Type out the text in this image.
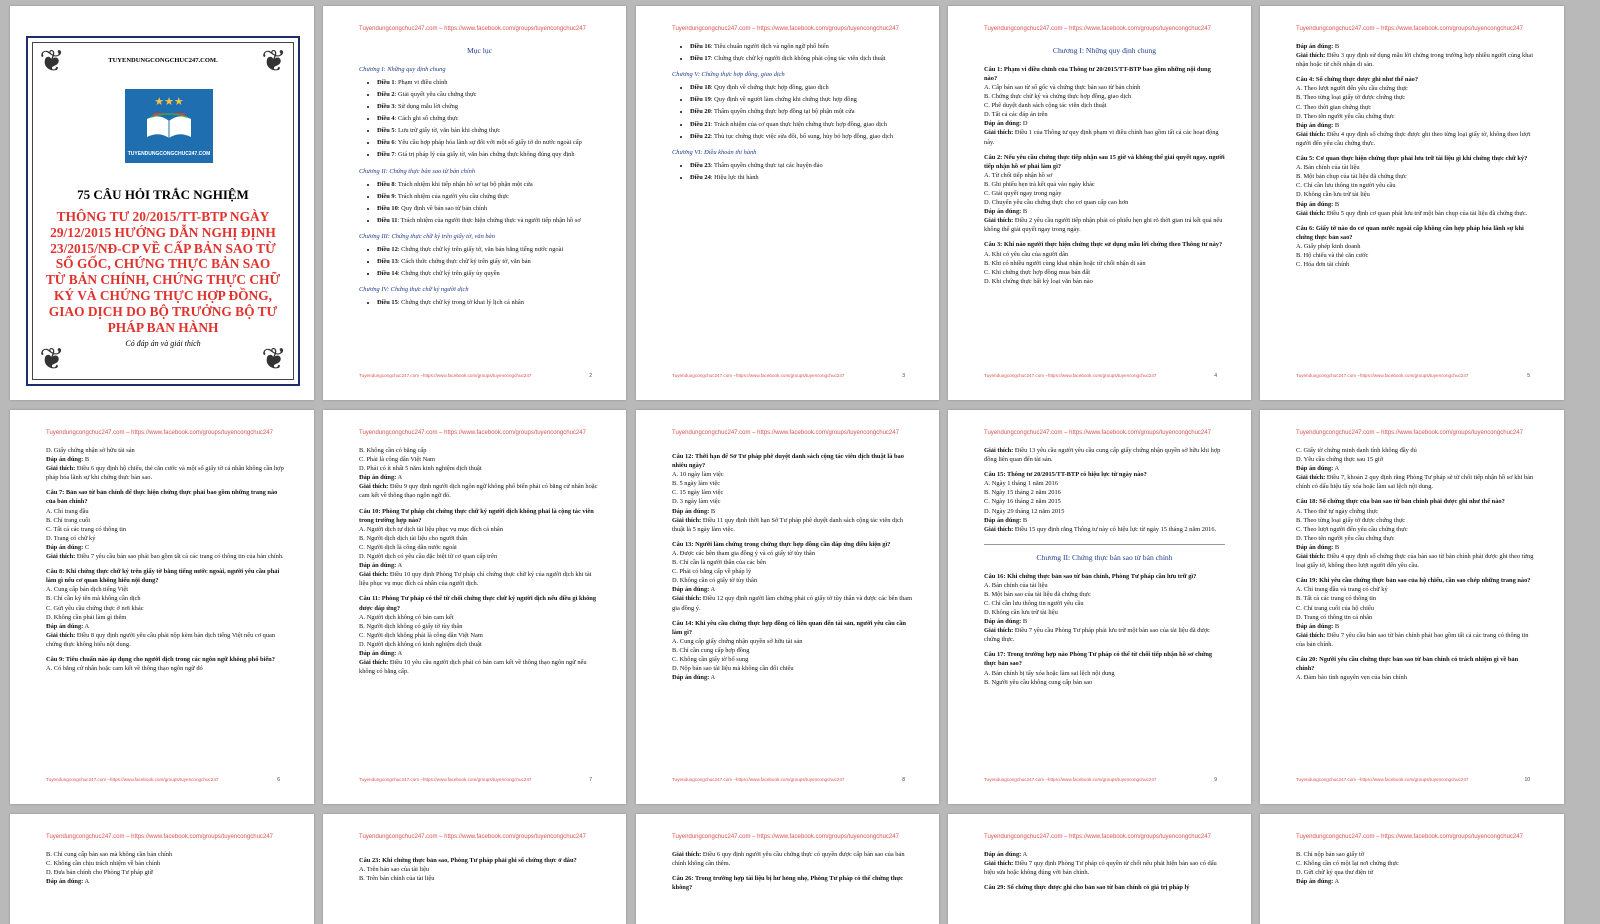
❦	❦
❦	❦
TUYENDUNGCONGCHUC247.COM.
★★★
TUYENDUNGCONGCHUC247.COM
75 CÂU HỎI TRẮC NGHIỆM
THÔNG TƯ 20/2015/TT-BTP NGÀY 29/12/2015 HƯỚNG DẪN NGHỊ ĐỊNH 23/2015/NĐ-CP VỀ CẤP BẢN SAO TỪ SỔ GỐC, CHỨNG THỰC BẢN SAO TỪ BẢN CHÍNH, CHỨNG THỰC CHỮ KÝ VÀ CHỨNG THỰC HỢP ĐỒNG, GIAO DỊCH DO BỘ TRƯỞNG BỘ TƯ PHÁP BAN HÀNH
Có đáp án và giải thích
Tuyendungcongchuc247.com – https://www.facebook.com/groups/tuyencongchuc247
Mục lục
Chương I: Những quy định chung
• Điều 1: Phạm vi điều chỉnh
• Điều 2: Giải quyết yêu cầu chứng thực
• Điều 3: Sử dụng mẫu lời chứng
• Điều 4: Cách ghi số chứng thực
• Điều 5: Lưu trữ giấy tờ, văn bản khi chứng thực
• Điều 6: Yêu cầu hợp pháp hóa lãnh sự đối với một số giấy tờ do nước ngoài cấp
• Điều 7: Giá trị pháp lý của giấy tờ, văn bản chứng thực không đúng quy định
Chương II: Chứng thực bản sao từ bản chính
• Điều 8: Trách nhiệm khi tiếp nhận hồ sơ tại bộ phận một cửa
• Điều 9: Trách nhiệm của người yêu cầu chứng thực
• Điều 10: Quy định về bản sao từ bản chính
• Điều 11: Trách nhiệm của người thực hiện chứng thực và người tiếp nhận hồ sơ
Chương III: Chứng thực chữ ký trên giấy tờ, văn bản
• Điều 12: Chứng thực chữ ký trên giấy tờ, văn bản bằng tiếng nước ngoài
• Điều 13: Cách thức chứng thực chữ ký trên giấy tờ, văn bản
• Điều 14: Chứng thực chữ ký trên giấy ủy quyền
Chương IV: Chứng thực chữ ký người dịch
• Điều 15: Chứng thực chữ ký trong tờ khai lý lịch cá nhân
Tuyendungcongchuc247.com –https://www.facebook.com/groups/tuyencongchuc247	2
Tuyendungcongchuc247.com – https://www.facebook.com/groups/tuyencongchuc247
• Điều 16: Tiêu chuẩn người dịch và ngôn ngữ phổ biến
• Điều 17: Chứng thực chữ ký người dịch không phải cộng tác viên dịch thuật
Chương V: Chứng thực hợp đồng, giao dịch
• Điều 18: Quy định về chứng thực hợp đồng, giao dịch
• Điều 19: Quy định về người làm chứng khi chứng thực hợp đồng
• Điều 20: Thẩm quyền chứng thực hợp đồng tại bộ phận một cửa
• Điều 21: Trách nhiệm của cơ quan thực hiện chứng thực hợp đồng, giao dịch
• Điều 22: Thủ tục chứng thực việc sửa đổi, bổ sung, hủy bỏ hợp đồng, giao dịch
Chương VI: Điều khoản thi hành
• Điều 23: Thẩm quyền chứng thực tại các huyện đảo
• Điều 24: Hiệu lực thi hành
Tuyendungcongchuc247.com –https://www.facebook.com/groups/tuyencongchuc247	3
Tuyendungcongchuc247.com – https://www.facebook.com/groups/tuyencongchuc247
Chương I: Những quy định chung
Câu 1: Phạm vi điều chỉnh của Thông tư 20/2015/TT-BTP bao gồm những nội dung nào?
A. Cấp bản sao từ sổ gốc và chứng thực bản sao từ bản chính
B. Chứng thực chữ ký và chứng thực hợp đồng, giao dịch
C. Phê duyệt danh sách cộng tác viên dịch thuật
D. Tất cả các đáp án trên
Đáp án đúng: D
Giải thích: Điều 1 của Thông tư quy định phạm vi điều chỉnh bao gồm tất cả các hoạt động này.
Câu 2: Nếu yêu cầu chứng thực tiếp nhận sau 15 giờ và không thể giải quyết ngay, người tiếp nhận hồ sơ phải làm gì?
A. Từ chối tiếp nhận hồ sơ
B. Ghi phiếu hẹn trả kết quả vào ngày khác
C. Giải quyết ngay trong ngày
D. Chuyển yêu cầu chứng thực cho cơ quan cấp cao hơn
Đáp án đúng: B
Giải thích: Điều 2 yêu cầu người tiếp nhận phải có phiếu hẹn ghi rõ thời gian trả kết quả nếu không thể giải quyết ngay trong ngày.
Câu 3: Khi nào người thực hiện chứng thực sử dụng mẫu lời chứng theo Thông tư này?
A. Khi có yêu cầu của người dân
B. Khi có nhiều người cùng khai nhận hoặc từ chối nhận di sản
C. Khi chứng thực hợp đồng mua bán đất
D. Khi chứng thực bất kỳ loại văn bản nào
Tuyendungcongchuc247.com –https://www.facebook.com/groups/tuyencongchuc247	4
Tuyendungcongchuc247.com – https://www.facebook.com/groups/tuyencongchuc247
Đáp án đúng: B
Giải thích: Điều 3 quy định sử dụng mẫu lời chứng trong trường hợp nhiều người cùng khai nhận hoặc từ chối nhận di sản.
Câu 4: Số chứng thực được ghi như thế nào?
A. Theo lượt người đến yêu cầu chứng thực
B. Theo từng loại giấy tờ được chứng thực
C. Theo thời gian chứng thực
D. Theo tên người yêu cầu chứng thực
Đáp án đúng: B
Giải thích: Điều 4 quy định số chứng thực được ghi theo từng loại giấy tờ, không theo lượt người đến yêu cầu chứng thực.
Câu 5: Cơ quan thực hiện chứng thực phải lưu trữ tài liệu gì khi chứng thực chữ ký?
A. Bản chính của tài liệu
B. Một bản chụp của tài liệu đã chứng thực
C. Chỉ cần lưu thông tin người yêu cầu
D. Không cần lưu trữ tài liệu
Đáp án đúng: B
Giải thích: Điều 5 quy định cơ quan phải lưu trữ một bản chụp của tài liệu đã chứng thực.
Câu 6: Giấy tờ nào do cơ quan nước ngoài cấp không cần hợp pháp hóa lãnh sự khi chứng thực bản sao?
A. Giấy phép kinh doanh
B. Hộ chiếu và thẻ căn cước
C. Hóa đơn tài chính
Tuyendungcongchuc247.com –https://www.facebook.com/groups/tuyencongchuc247	5
Tuyendungcongchuc247.com – https://www.facebook.com/groups/tuyencongchuc247
D. Giấy chứng nhận sở hữu tài sản
Đáp án đúng: B
Giải thích: Điều 6 quy định hộ chiếu, thẻ căn cước và một số giấy tờ cá nhân không cần hợp pháp hóa lãnh sự khi chứng thực bản sao.
Câu 7: Bản sao từ bản chính để thực hiện chứng thực phải bao gồm những trang nào của bản chính?
A. Chỉ trang đầu
B. Chỉ trang cuối
C. Tất cả các trang có thông tin
D. Trang có chữ ký
Đáp án đúng: C
Giải thích: Điều 7 yêu cầu bản sao phải bao gồm tất cả các trang có thông tin của bản chính.
Câu 8: Khi chứng thực chữ ký trên giấy tờ bằng tiếng nước ngoài, người yêu cầu phải làm gì nếu cơ quan không hiểu nội dung?
A. Cung cấp bản dịch tiếng Việt
B. Chỉ cần ký tên mà không cần dịch
C. Gửi yêu cầu chứng thực ở nơi khác
D. Không cần phải làm gì thêm
Đáp án đúng: A
Giải thích: Điều 8 quy định người yêu cầu phải nộp kèm bản dịch tiếng Việt nếu cơ quan chứng thực không hiểu nội dung.
Câu 9: Tiêu chuẩn nào áp dụng cho người dịch trong các ngôn ngữ không phổ biến?
A. Có bằng cử nhân hoặc cam kết về thông thạo ngôn ngữ đó
Tuyendungcongchuc247.com –https://www.facebook.com/groups/tuyencongchuc247	6
Tuyendungcongchuc247.com – https://www.facebook.com/groups/tuyencongchuc247
B. Không cần có bằng cấp
C. Phải là công dân Việt Nam
D. Phải có ít nhất 5 năm kinh nghiệm dịch thuật
Đáp án đúng: A
Giải thích: Điều 9 quy định người dịch ngôn ngữ không phổ biến phải có bằng cử nhân hoặc cam kết về thông thạo ngôn ngữ đó.
Câu 10: Phòng Tư pháp chỉ chứng thực chữ ký người dịch không phải là cộng tác viên trong trường hợp nào?
A. Người dịch tự dịch tài liệu phục vụ mục đích cá nhân
B. Người dịch dịch tài liệu cho người thân
C. Người dịch là công dân nước ngoài
D. Người dịch có yêu cầu đặc biệt từ cơ quan cấp trên
Đáp án đúng: A
Giải thích: Điều 10 quy định Phòng Tư pháp chỉ chứng thực chữ ký của người dịch khi tài liệu phục vụ mục đích cá nhân của người dịch.
Câu 11: Phòng Tư pháp có thể từ chối chứng thực chữ ký người dịch nếu điều gì không được đáp ứng?
A. Người dịch không có bản cam kết
B. Người dịch không có giấy tờ tùy thân
C. Người dịch không phải là công dân Việt Nam
D. Người dịch không có kinh nghiệm dịch thuật
Đáp án đúng: A
Giải thích: Điều 10 yêu cầu người dịch phải có bản cam kết về thông thạo ngôn ngữ nếu không có bằng cấp.
Tuyendungcongchuc247.com –https://www.facebook.com/groups/tuyencongchuc247	7
Tuyendungcongchuc247.com – https://www.facebook.com/groups/tuyencongchuc247
Câu 12: Thời hạn để Sở Tư pháp phê duyệt danh sách cộng tác viên dịch thuật là bao nhiêu ngày?
A. 10 ngày làm việc
B. 5 ngày làm việc
C. 15 ngày làm việc
D. 3 ngày làm việc
Đáp án đúng: B
Giải thích: Điều 11 quy định thời hạn Sở Tư pháp phê duyệt danh sách cộng tác viên dịch thuật là 5 ngày làm việc.
Câu 13: Người làm chứng trong chứng thực hợp đồng cần đáp ứng điều kiện gì?
A. Được các bên tham gia đồng ý và có giấy tờ tùy thân
B. Chỉ cần là người thân của các bên
C. Phải có bằng cấp về pháp lý
D. Không cần có giấy tờ tùy thân
Đáp án đúng: A
Giải thích: Điều 12 quy định người làm chứng phải có giấy tờ tùy thân và được các bên tham gia đồng ý.
Câu 14: Khi yêu cầu chứng thực hợp đồng có liên quan đến tài sản, người yêu cầu cần làm gì?
A. Cung cấp giấy chứng nhận quyền sở hữu tài sản
B. Chỉ cần cung cấp hợp đồng
C. Không cần giấy tờ bổ sung
D. Nộp bản sao tài liệu mà không cần đối chiếu
Đáp án đúng: A
Tuyendungcongchuc247.com –https://www.facebook.com/groups/tuyencongchuc247	8
Tuyendungcongchuc247.com – https://www.facebook.com/groups/tuyencongchuc247
Giải thích: Điều 13 yêu cầu người yêu cầu cung cấp giấy chứng nhận quyền sở hữu khi hợp đồng liên quan đến tài sản.
Câu 15: Thông tư 20/2015/TT-BTP có hiệu lực từ ngày nào?
A. Ngày 1 tháng 1 năm 2016
B. Ngày 15 tháng 2 năm 2016
C. Ngày 16 tháng 2 năm 2015
D. Ngày 29 tháng 12 năm 2015
Đáp án đúng: B
Giải thích: Điều 15 quy định rằng Thông tư này có hiệu lực từ ngày 15 tháng 2 năm 2016.
Chương II: Chứng thực bản sao từ bản chính
Câu 16: Khi chứng thực bản sao từ bản chính, Phòng Tư pháp cần lưu trữ gì?
A. Bản chính của tài liệu
B. Một bản sao của tài liệu đã chứng thực
C. Chỉ cần lưu thông tin người yêu cầu
D. Không cần lưu trữ tài liệu
Đáp án đúng: B
Giải thích: Điều 7 yêu cầu Phòng Tư pháp phải lưu trữ một bản sao của tài liệu đã được chứng thực.
Câu 17: Trong trường hợp nào Phòng Tư pháp có thể từ chối tiếp nhận hồ sơ chứng thực bản sao?
A. Bản chính bị tẩy xóa hoặc làm sai lệch nội dung
B. Người yêu cầu không cung cấp bản sao
Tuyendungcongchuc247.com –https://www.facebook.com/groups/tuyencongchuc247	9
Tuyendungcongchuc247.com – https://www.facebook.com/groups/tuyencongchuc247
C. Giấy tờ chứng minh danh tính không đầy đủ
D. Yêu cầu chứng thực sau 15 giờ
Đáp án đúng: A
Giải thích: Điều 7, khoản 2 quy định rằng Phòng Tư pháp sẽ từ chối tiếp nhận hồ sơ khi bản chính có dấu hiệu tẩy xóa hoặc làm sai lệch nội dung.
Câu 18: Số chứng thực của bản sao từ bản chính phải được ghi như thế nào?
A. Theo thứ tự ngày chứng thực
B. Theo từng loại giấy tờ được chứng thực
C. Theo lượt người đến yêu cầu chứng thực
D. Theo tên người yêu cầu chứng thực
Đáp án đúng: B
Giải thích: Điều 4 quy định số chứng thực của bản sao từ bản chính phải được ghi theo từng loại giấy tờ, không theo lượt người đến yêu cầu.
Câu 19: Khi yêu cầu chứng thực bản sao của hộ chiếu, cần sao chép những trang nào?
A. Chỉ trang đầu và trang có chữ ký
B. Tất cả các trang có thông tin
C. Chỉ trang cuối của hộ chiếu
D. Trang có thông tin cá nhân
Đáp án đúng: B
Giải thích: Điều 7 yêu cầu bản sao từ bản chính phải bao gồm tất cả các trang có thông tin của bản chính.
Câu 20: Người yêu cầu chứng thực bản sao từ bản chính có trách nhiệm gì về bản chính?
A. Đảm bảo tính nguyên vẹn của bản chính
Tuyendungcongchuc247.com –https://www.facebook.com/groups/tuyencongchuc247	10
Tuyendungcongchuc247.com – https://www.facebook.com/groups/tuyencongchuc247
B. Chỉ cung cấp bản sao mà không cần bản chính
C. Không cần chịu trách nhiệm về bản chính
D. Đưa bản chính cho Phòng Tư pháp giữ
Đáp án đúng: A
Tuyendungcongchuc247.com – https://www.facebook.com/groups/tuyencongchuc247
Câu 23: Khi chứng thực bản sao, Phòng Tư pháp phải ghi số chứng thực ở đâu?
A. Trên bản sao của tài liệu
B. Trên bản chính của tài liệu
Tuyendungcongchuc247.com – https://www.facebook.com/groups/tuyencongchuc247
Giải thích: Điều 6 quy định người yêu cầu chứng thực có quyền được cấp bản sao của bản chính không cần thêm.
Câu 26: Trong trường hợp tài liệu bị hư hỏng nhẹ, Phòng Tư pháp có thể chứng thực không?
Tuyendungcongchuc247.com – https://www.facebook.com/groups/tuyencongchuc247
Đáp án đúng: A
Giải thích: Điều 7 quy định Phòng Tư pháp có quyền từ chối nếu phát hiện bản sao có dấu hiệu sửa hoặc không đúng với bản chính.
Câu 29: Số chứng thực được ghi cho bản sao từ bản chính có giá trị pháp lý
Tuyendungcongchuc247.com – https://www.facebook.com/groups/tuyencongchuc247
B. Chỉ nộp bản sao giấy tờ
C. Không cần có một lại nơi chứng thực
D. Gửi chữ ký qua thư điện tử
Đáp án đúng: A
